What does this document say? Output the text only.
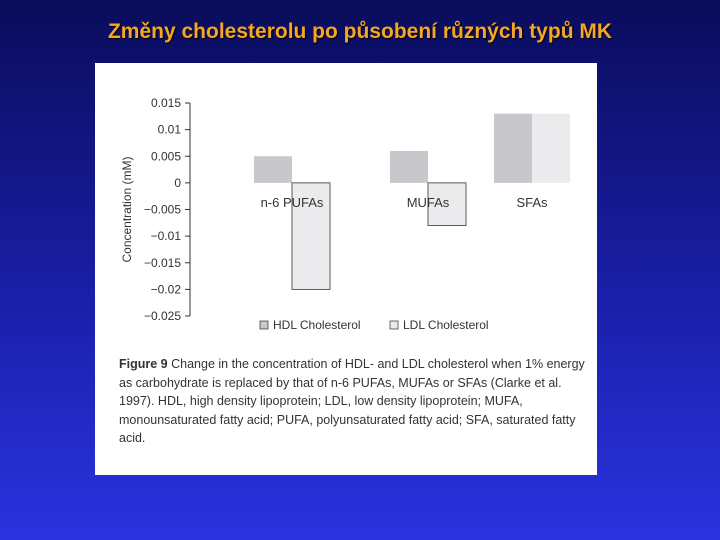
Změny cholesterolu po působení různých typů MK
0.015
0.01
0.005
0
−0.005
−0.01
−0.015
−0.02
−0.025
Concentration (mM)	n-6 PUFAs	MUFAs	SFAs
HDL Cholesterol	LDL Cholesterol
Figure 9 Change in the concentration of HDL- and LDL cholesterol when 1% energy as carbohydrate is replaced by that of n-6 PUFAs, MUFAs or SFAs (Clarke et al. 1997). HDL, high density lipoprotein; LDL, low density lipoprotein; MUFA, monounsaturated fatty acid; PUFA, polyunsaturated fatty acid; SFA, saturated fatty acid.
